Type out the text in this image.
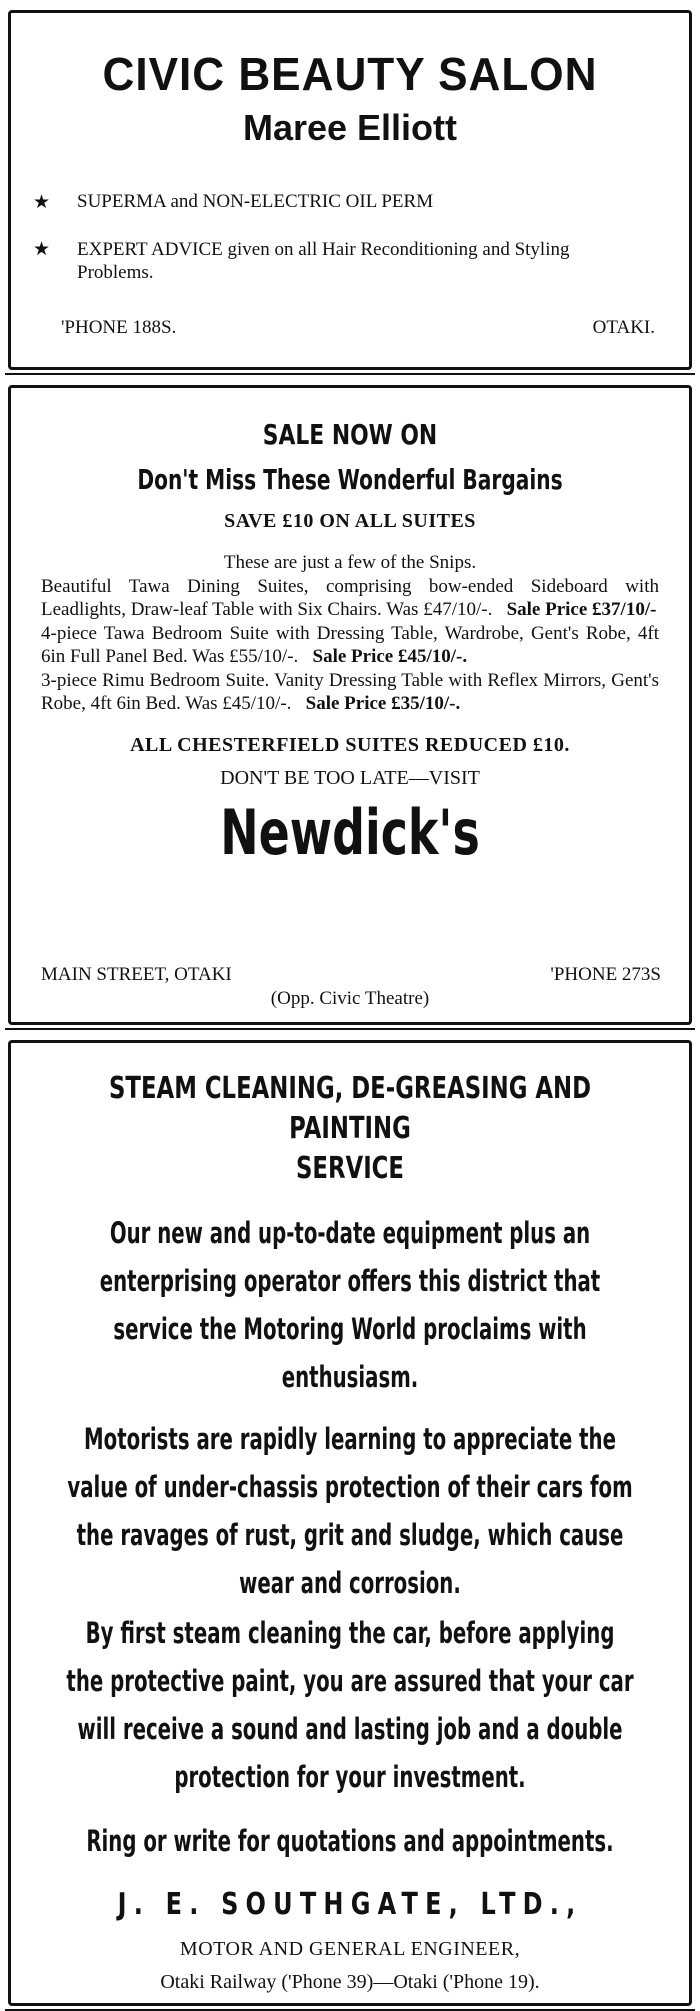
CIVIC BEAUTY SALON
Maree Elliott
★ SUPERMA and NON-ELECTRIC OIL PERM
★ EXPERT ADVICE given on all Hair Reconditioning and Styling Problems.
'PHONE 188S.	OTAKI.
SALE NOW ON
Don't Miss These Wonderful Bargains
SAVE £10 ON ALL SUITES
These are just a few of the Snips.

Beautiful Tawa Dining Suites, comprising bow-ended Sideboard with Leadlights, Draw-leaf Table with Six Chairs. Was £47/10/-. Sale Price £37/10/-

4-piece Tawa Bedroom Suite with Dressing Table, Wardrobe, Gent's Robe, 4ft 6in Full Panel Bed. Was £55/10/-. Sale Price £45/10/-.

3-piece Rimu Bedroom Suite. Vanity Dressing Table with Reflex Mirrors, Gent's Robe, 4ft 6in Bed. Was £45/10/-. Sale Price £35/10/-.

ALL CHESTERFIELD SUITES REDUCED £10.
DON'T BE TOO LATE—VISIT
Newdick's
MAIN STREET, OTAKI	'PHONE 273S
(Opp. Civic Theatre)
STEAM CLEANING, DE-GREASING AND PAINTING
SERVICE

Our new and up-to-date equipment plus an enterprising operator offers this district that service the Motoring World proclaims with enthusiasm.

Motorists are rapidly learning to appreciate the value of under-chassis protection of their cars fom the ravages of rust, grit and sludge, which cause wear and corrosion.

By first steam cleaning the car, before applying the protective paint, you are assured that your car will receive a sound and lasting job and a double protection for your investment.

Ring or write for quotations and appointments.

J. E. SOUTHGATE, LTD.,
MOTOR AND GENERAL ENGINEER,
Otaki Railway ('Phone 39)—Otaki ('Phone 19).
